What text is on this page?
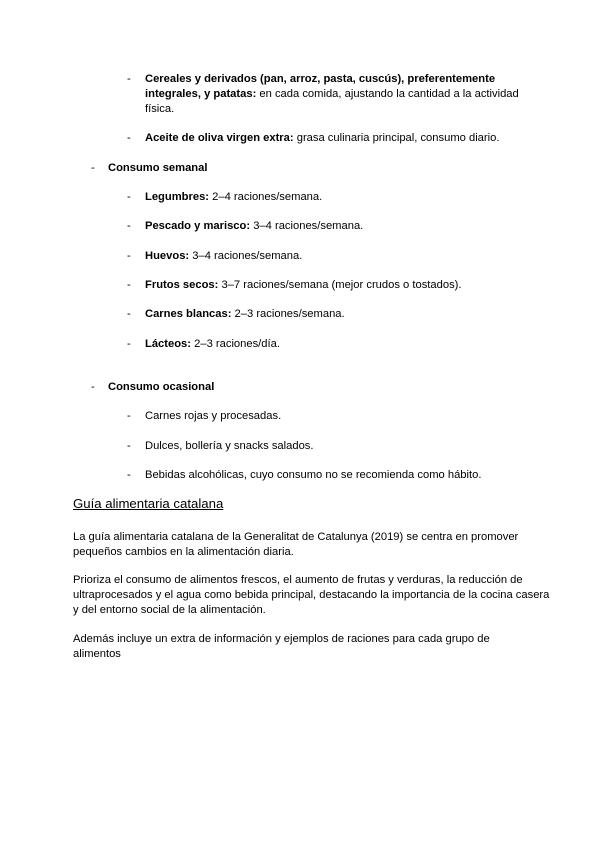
-	Cereales y derivados (pan, arroz, pasta, cuscús), preferentemente integrales, y patatas: en cada comida, ajustando la cantidad a la actividad física.
-	Aceite de oliva virgen extra: grasa culinaria principal, consumo diario.
-	Consumo semanal
-	Legumbres: 2–4 raciones/semana.
-	Pescado y marisco: 3–4 raciones/semana.
-	Huevos: 3–4 raciones/semana.
-	Frutos secos: 3–7 raciones/semana (mejor crudos o tostados).
-	Carnes blancas: 2–3 raciones/semana.
-	Lácteos: 2–3 raciones/día.
-	Consumo ocasional
-	Carnes rojas y procesadas.
-	Dulces, bollería y snacks salados.
-	Bebidas alcohólicas, cuyo consumo no se recomienda como hábito.
Guía alimentaria catalana
La guía alimentaria catalana de la Generalitat de Catalunya (2019) se centra en promover pequeños cambios en la alimentación diaria.
Prioriza el consumo de alimentos frescos, el aumento de frutas y verduras, la reducción de ultraprocesados y el agua como bebida principal, destacando la importancia de la cocina casera y del entorno social de la alimentación.
Además incluye un extra de información y ejemplos de raciones para cada grupo de alimentos
